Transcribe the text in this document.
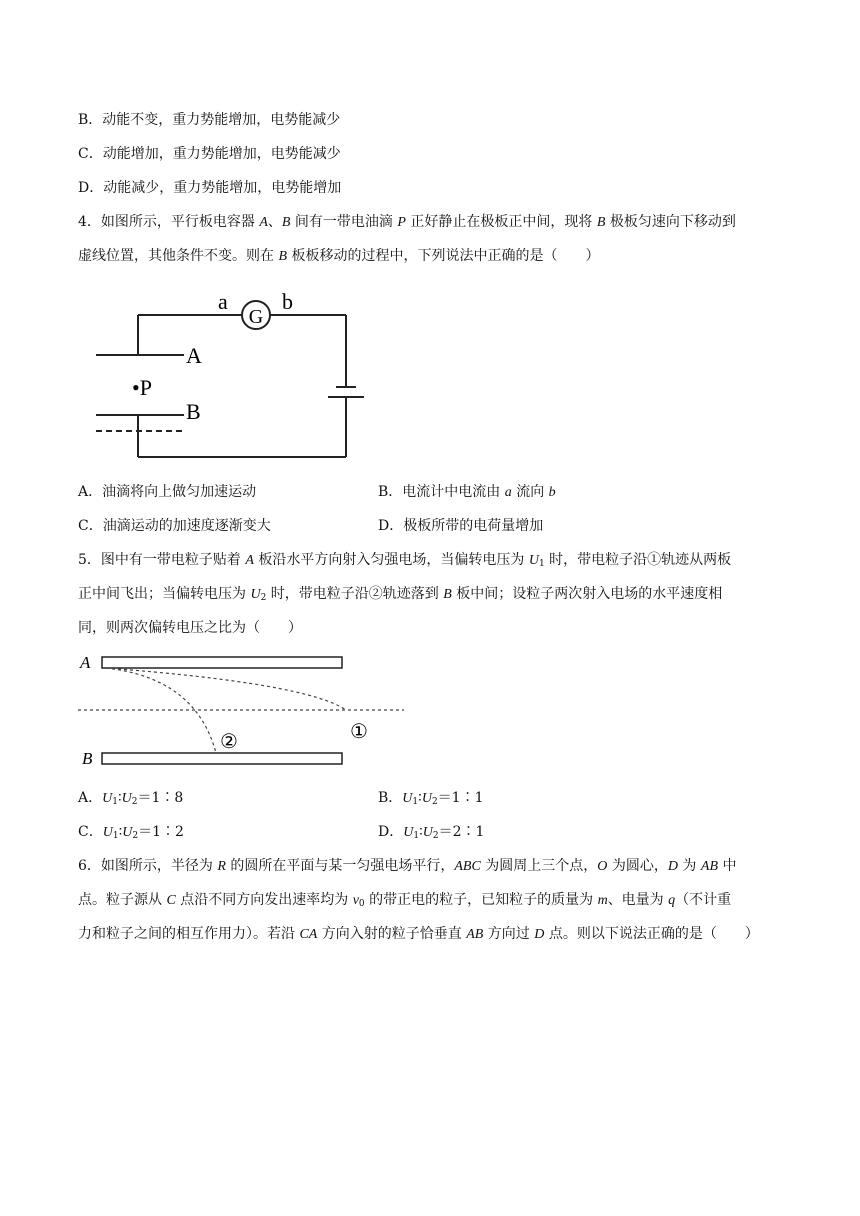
B．动能不变，重力势能增加，电势能减少
C．动能增加，重力势能增加，电势能减少
D．动能减少，重力势能增加，电势能增加
4．如图所示，平行板电容器 A、B 间有一带电油滴 P 正好静止在极板正中间，现将 B 极板匀速向下移动到
虚线位置，其他条件不变。则在 B 板板移动的过程中，下列说法中正确的是（　　）
a
G
b
A
•P
B
A．油滴将向上做匀加速运动	B．电流计中电流由 a 流向 b
C．油滴运动的加速度逐渐变大	D．极板所带的电荷量增加
5．图中有一带电粒子贴着 A 板沿水平方向射入匀强电场，当偏转电压为 $U_1$ 时，带电粒子沿①轨迹从两板
正中间飞出；当偏转电压为 $U_2$ 时，带电粒子沿②轨迹落到 B 板中间；设粒子两次射入电场的水平速度相
同，则两次偏转电压之比为（　　）
A
B
①
②
A．$U_1∶U_2=1∶8$	B．$U_1∶U_2=1∶1$
C．$U_1∶U_2=1∶2$	D．$U_1∶U_2=2∶1$
6．如图所示，半径为 R 的圆所在平面与某一匀强电场平行，ABC 为圆周上三个点，O 为圆心，D 为 AB 中
点。粒子源从 C 点沿不同方向发出速率均为 $v_0$ 的带正电的粒子，已知粒子的质量为 m、电量为 q（不计重
力和粒子之间的相互作用力）。若沿 CA 方向入射的粒子恰垂直 AB 方向过 D 点。则以下说法正确的是（　　）
